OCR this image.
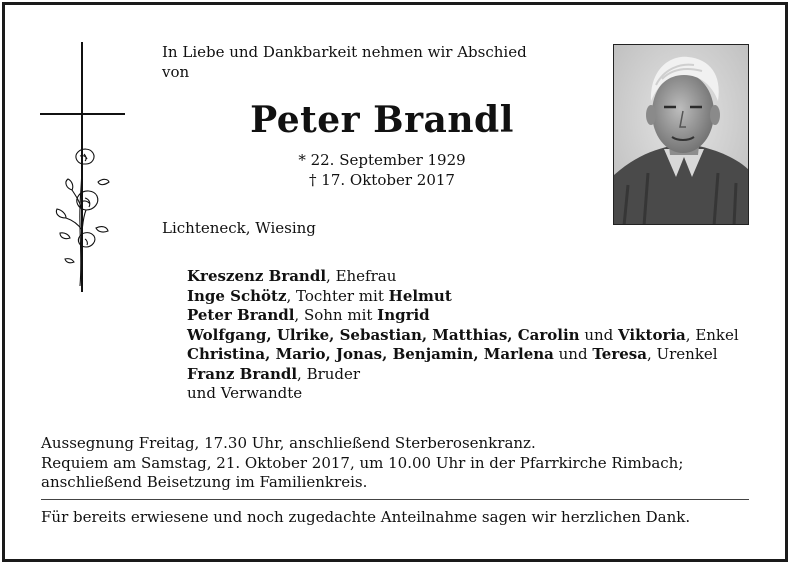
In Liebe und Dankbarkeit nehmen wir Abschied
von
Peter Brandl
* 22. September 1929
† 17. Oktober 2017
Lichteneck, Wiesing
Kreszenz Brandl, Ehefrau
Inge Schötz, Tochter mit Helmut
Peter Brandl, Sohn mit Ingrid
Wolfgang, Ulrike, Sebastian, Matthias, Carolin und Viktoria, Enkel
Christina, Mario, Jonas, Benjamin, Marlena und Teresa, Urenkel
Franz Brandl, Bruder
und Verwandte
Aussegnung Freitag, 17.30 Uhr, anschließend Sterberosenkranz.
Requiem am Samstag, 21. Oktober 2017, um 10.00 Uhr in der Pfarrkirche Rimbach;
anschließend Beisetzung im Familienkreis.
Für bereits erwiesene und noch zugedachte Anteilnahme sagen wir herzlichen Dank.
